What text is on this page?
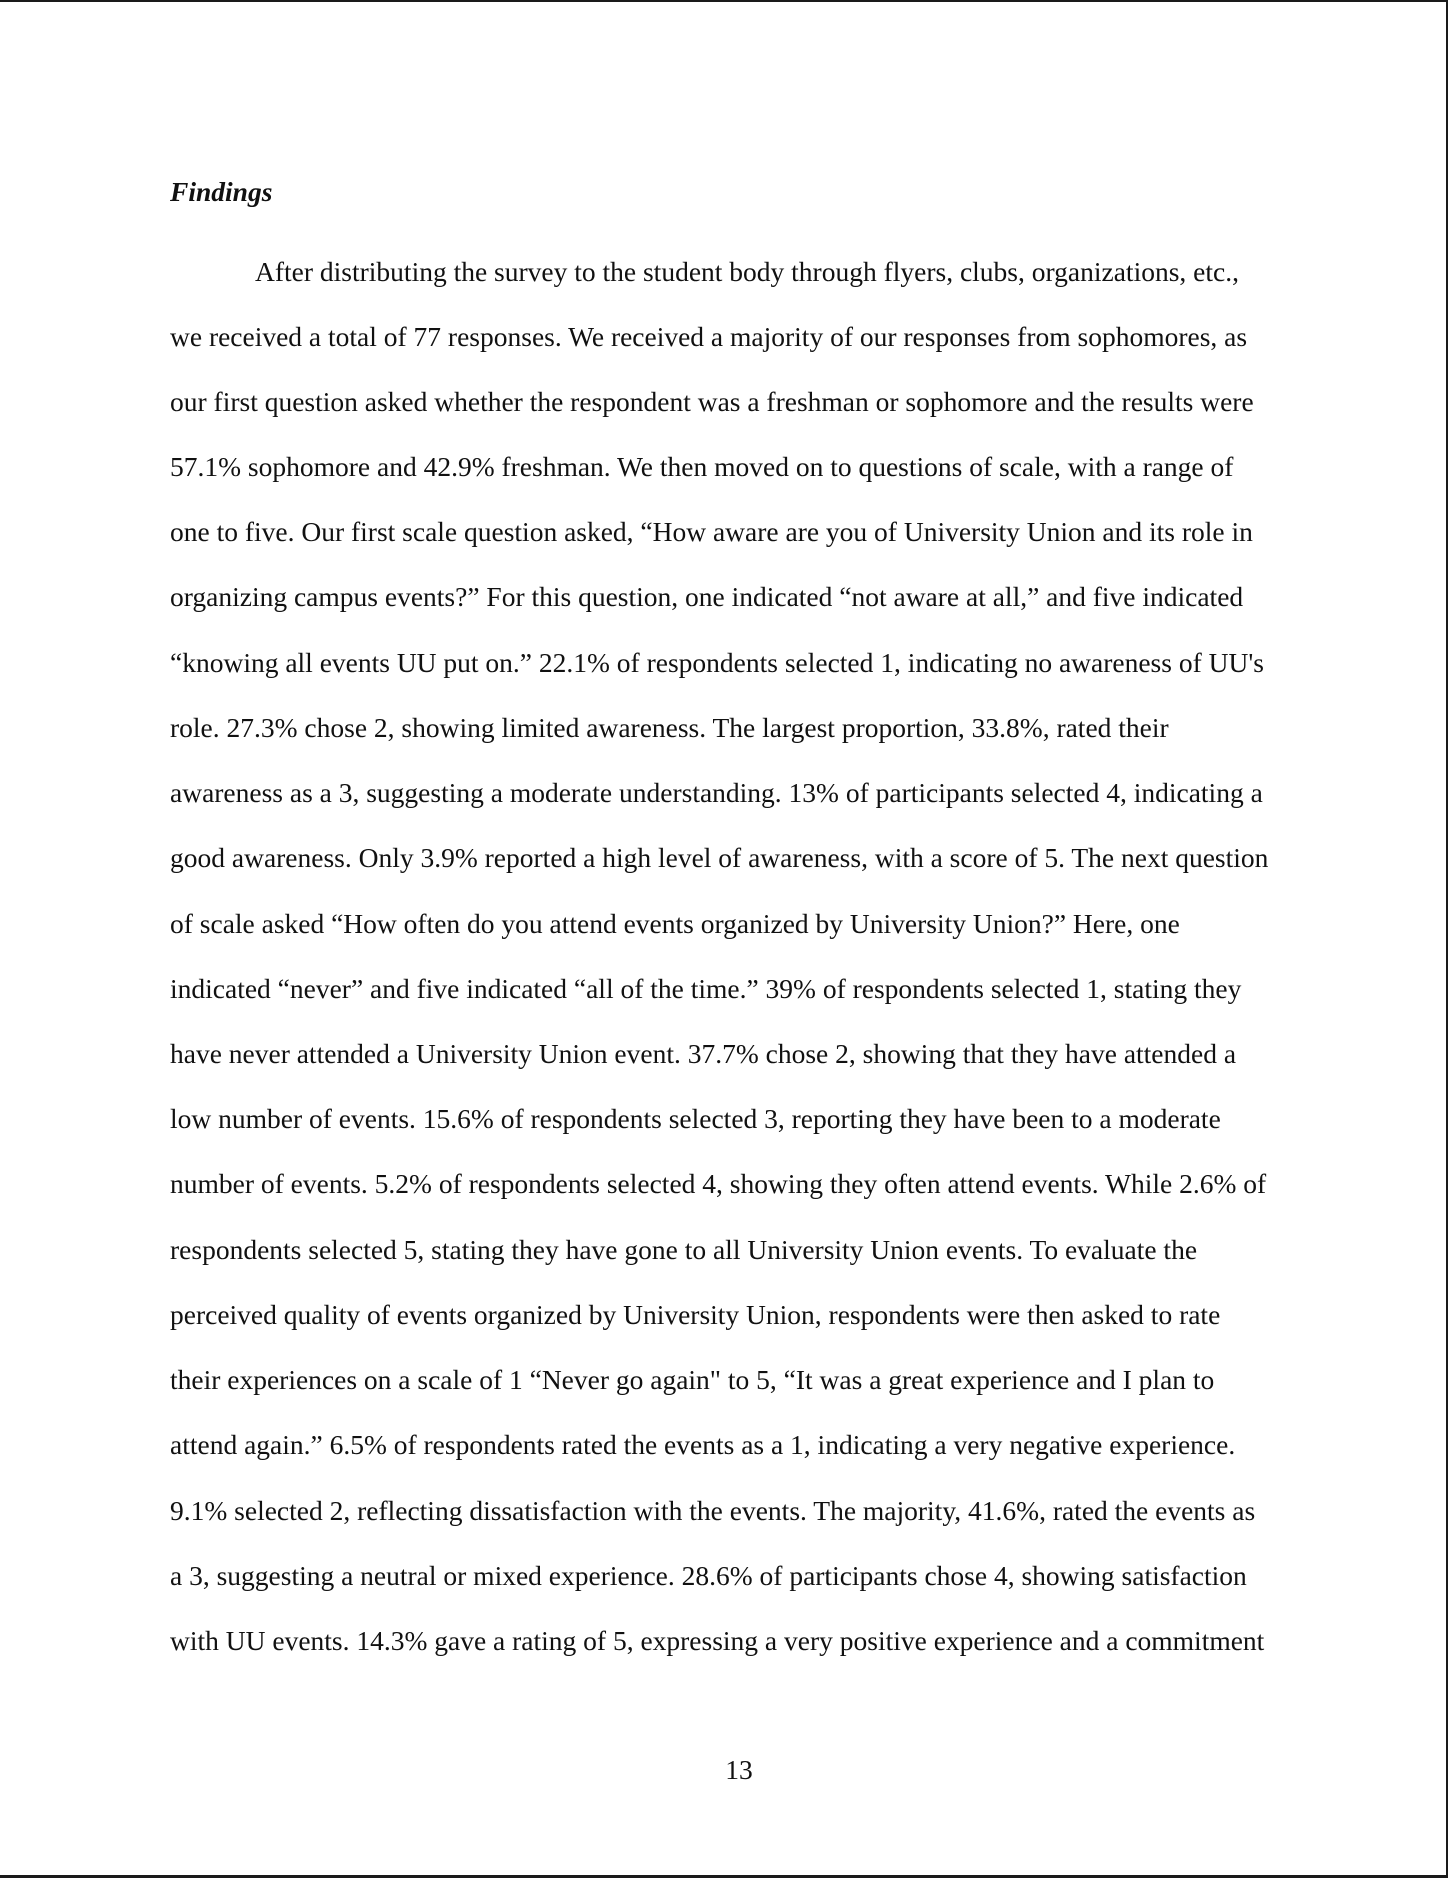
Findings
After distributing the survey to the student body through flyers, clubs, organizations, etc.,
we received a total of 77 responses. We received a majority of our responses from sophomores, as
our first question asked whether the respondent was a freshman or sophomore and the results were
57.1% sophomore and 42.9% freshman. We then moved on to questions of scale, with a range of
one to five. Our first scale question asked, “How aware are you of University Union and its role in
organizing campus events?” For this question, one indicated “not aware at all,” and five indicated
“knowing all events UU put on.” 22.1% of respondents selected 1, indicating no awareness of UU's
role. 27.3% chose 2, showing limited awareness. The largest proportion, 33.8%, rated their
awareness as a 3, suggesting a moderate understanding. 13% of participants selected 4, indicating a
good awareness. Only 3.9% reported a high level of awareness, with a score of 5. The next question
of scale asked “How often do you attend events organized by University Union?” Here, one
indicated “never” and five indicated “all of the time.” 39% of respondents selected 1, stating they
have never attended a University Union event. 37.7% chose 2, showing that they have attended a
low number of events. 15.6% of respondents selected 3, reporting they have been to a moderate
number of events. 5.2% of respondents selected 4, showing they often attend events. While 2.6% of
respondents selected 5, stating they have gone to all University Union events. To evaluate the
perceived quality of events organized by University Union, respondents were then asked to rate
their experiences on a scale of 1 “Never go again" to 5, “It was a great experience and I plan to
attend again.” 6.5% of respondents rated the events as a 1, indicating a very negative experience.
9.1% selected 2, reflecting dissatisfaction with the events. The majority, 41.6%, rated the events as
a 3, suggesting a neutral or mixed experience. 28.6% of participants chose 4, showing satisfaction
with UU events. 14.3% gave a rating of 5, expressing a very positive experience and a commitment
13
